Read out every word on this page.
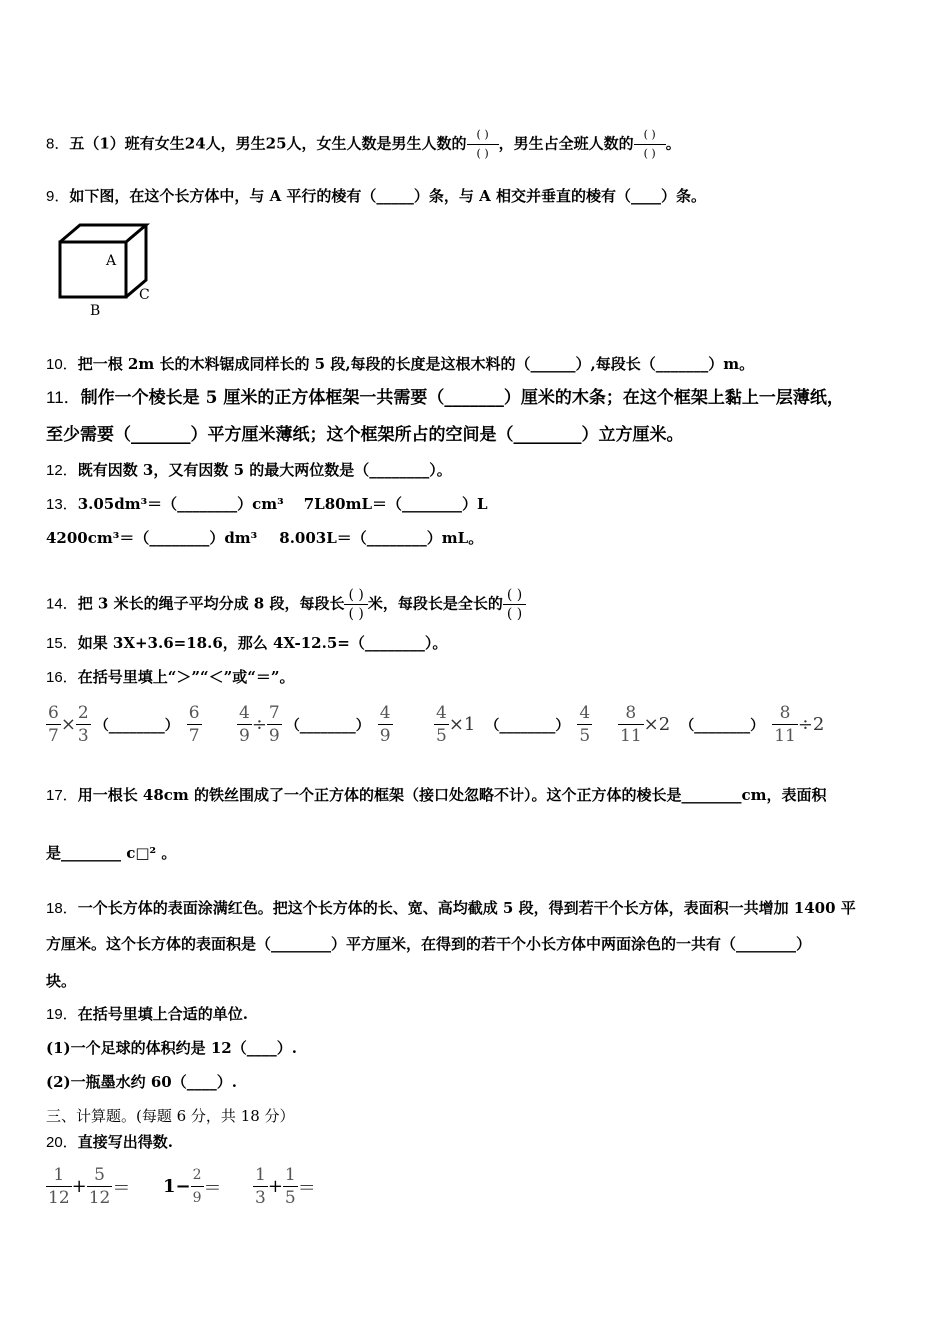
8．五（1）班有女生24人，男生25人，女生人数是男生人数的 $\frac{( )}{( )}$ ，男生占全班人数的 $\frac{( )}{( )}$ 。
9．如下图，在这个长方体中，与 A 平行的棱有（_____）条，与 A 相交并垂直的棱有（____）条。
A
B
C
10．把一根 2m 长的木料锯成同样长的 5 段,每段的长度是这根木料的（______）,每段长（_______）m。
11．制作一个棱长是 5 厘米的正方体框架一共需要（_______）厘米的木条；在这个框架上黏上一层薄纸，
至少需要（_______）平方厘米薄纸；这个框架所占的空间是（________）立方厘米。
12．既有因数 3，又有因数 5 的最大两位数是（________）。
13．3.05dm³＝（________）cm³ 7L80mL＝（________）L
4200cm³＝（________）dm³ 8.003L＝（________）mL。
14．把 3 米长的绳子平均分成 8 段，每段长 $\frac{( )}{( )}$ 米，每段长是全长的 $\frac{( )}{( )}$
15．如果 3X+3.6=18.6，那么 4X-12.5=（________）。
16．在括号里填上“＞”“＜”或“＝”。
$\frac{6}{7} \times \frac{2}{3}$ （________） $\frac{6}{7} \frac{4}{9} \div \frac{7}{9}$ （________） $\frac{4}{9} \frac{4}{5} \times 1$ （________） $\frac{4}{5} \frac{8}{11} \times 2$ （________） $\frac{8}{11} \div 2$
17．用一根长 48cm 的铁丝围成了一个正方体的框架（接口处忽略不计）。这个正方体的棱长是________cm，表面积
是________ c□² 。
18．一个长方体的表面涂满红色。把这个长方体的长、宽、高均截成 5 段，得到若干个长方体，表面积一共增加 1400 平
方厘米。这个长方体的表面积是（________）平方厘米，在得到的若干个小长方体中两面涂色的一共有（________）
块。
19．在括号里填上合适的单位.
(1)一个足球的体积约是 12（____）.
(2)一瓶墨水约 60（____）.
三、计算题。(每题 6 分，共 18 分）
20．直接写出得数.
$\frac{1}{12} + \frac{5}{12} = 1- \frac{2}{9} = \frac{1}{3} + \frac{1}{5}$ ＝
